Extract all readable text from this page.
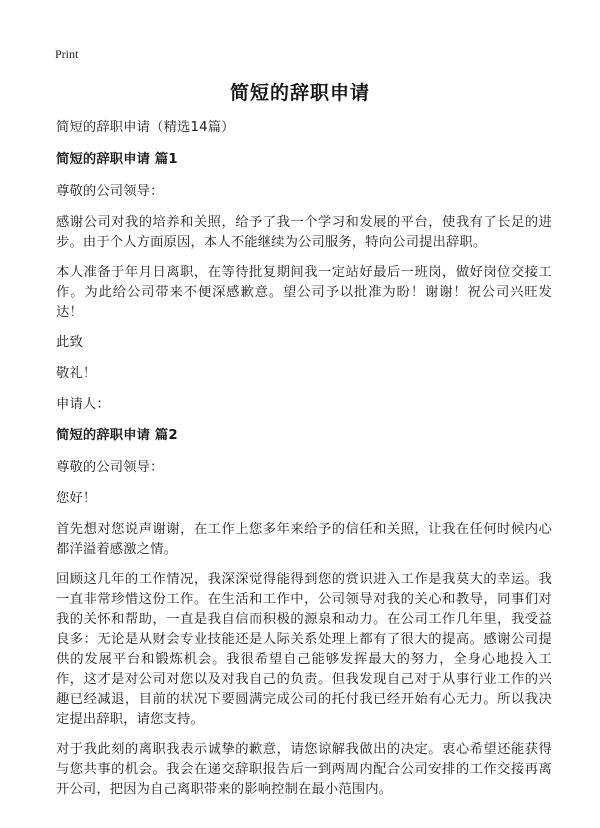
Print
简短的辞职申请

简短的辞职申请（精选14篇）

简短的辞职申请 篇1

尊敬的公司领导：

感谢公司对我的培养和关照，给予了我一个学习和发展的平台，使我有了长足的进步。由于个人方面原因，本人不能继续为公司服务，特向公司提出辞职。

本人准备于年月日离职，在等待批复期间我一定站好最后一班岗，做好岗位交接工作。为此给公司带来不便深感歉意。望公司予以批准为盼！谢谢！祝公司兴旺发达！

此致

敬礼！

申请人：

简短的辞职申请 篇2

尊敬的公司领导：

您好！

首先想对您说声谢谢，在工作上您多年来给予的信任和关照，让我在任何时候内心都洋溢着感激之情。

回顾这几年的工作情况，我深深觉得能得到您的赏识进入工作是我莫大的幸运。我一直非常珍惜这份工作。在生活和工作中，公司领导对我的关心和教导，同事们对我的关怀和帮助，一直是我自信而积极的源泉和动力。在公司工作几年里，我受益良多：无论是从财会专业技能还是人际关系处理上都有了很大的提高。感谢公司提供的发展平台和锻炼机会。我很希望自己能够发挥最大的努力，全身心地投入工作，这才是对公司对您以及对我自己的负责。但我发现自己对于从事行业工作的兴趣已经减退，目前的状况下要圆满完成公司的托付我已经开始有心无力。所以我决定提出辞职，请您支持。

对于我此刻的离职我表示诚挚的歉意，请您谅解我做出的决定。衷心希望还能获得与您共事的机会。我会在递交辞职报告后一到两周内配合公司安排的工作交接再离开公司，把因为自己离职带来的影响控制在最小范围内。
